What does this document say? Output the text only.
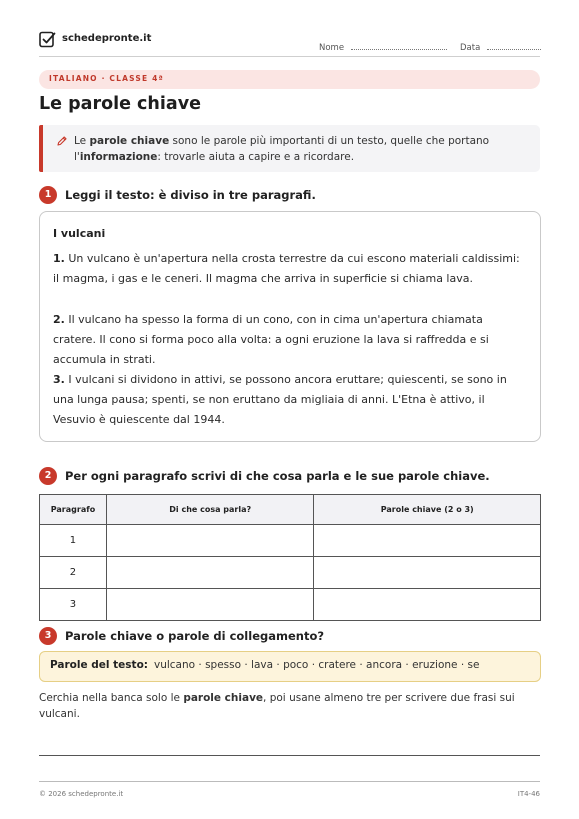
schedepronte.it
Nome	Data
ITALIANO · CLASSE 4ª
Le parole chiave
Le parole chiave sono le parole più importanti di un testo, quelle che portano l'informazione: trovarle aiuta a capire e a ricordare.
1	Leggi il testo: è diviso in tre paragrafi.
I vulcani
1. Un vulcano è un'apertura nella crosta terrestre da cui escono materiali caldissimi: il magma, i gas e le ceneri. Il magma che arriva in superficie si chiama lava.
2. Il vulcano ha spesso la forma di un cono, con in cima un'apertura chiamata cratere. Il cono si forma poco alla volta: a ogni eruzione la lava si raffredda e si accumula in strati.
3. I vulcani si dividono in attivi, se possono ancora eruttare; quiescenti, se sono in una lunga pausa; spenti, se non eruttano da migliaia di anni. L'Etna è attivo, il Vesuvio è quiescente dal 1944.
2	Per ogni paragrafo scrivi di che cosa parla e le sue parole chiave.
Paragrafo	Di che cosa parla?	Parole chiave (2 o 3)
1		
2		
3		
3	Parole chiave o parole di collegamento?
Parole del testo: vulcano · spesso · lava · poco · cratere · ancora · eruzione · se
Cerchia nella banca solo le parole chiave, poi usane almeno tre per scrivere due frasi sui vulcani.
© 2026 schedepronte.it	IT4-46
